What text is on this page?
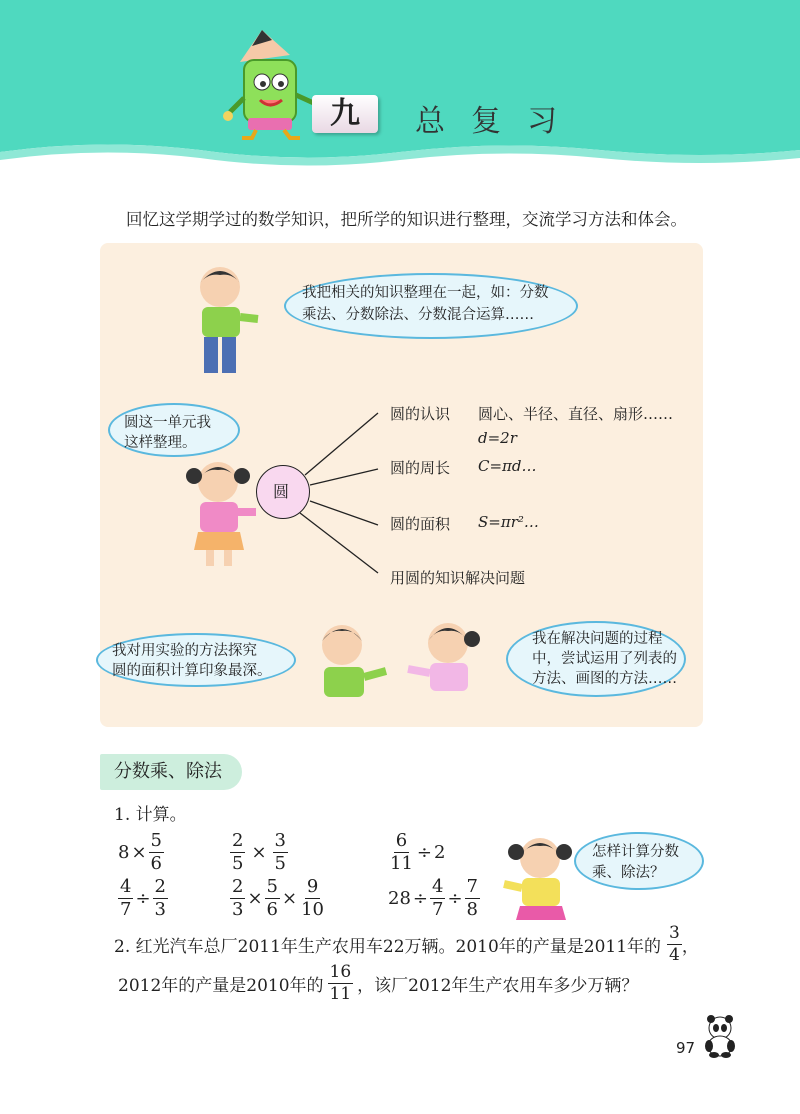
九	总复习
回忆这学期学过的数学知识，把所学的知识进行整理，交流学习方法和体会。
我把相关的知识整理在一起，如：分数
乘法、分数除法、分数混合运算……
圆这一单元我
这样整理。
圆
圆的认识 圆心、半径、直径、扇形……
d=2r
圆的周长 C=πd…
圆的面积 S=πr²…
用圆的知识解决问题
我对用实验的方法探究
圆的面积计算印象最深。
我在解决问题的过程
中，尝试运用了列表的
方法、画图的方法……
分数乘、除法
1. 计算。
$8 \times \frac{5}{6}$	$\frac{2}{5} \times \frac{3}{5}$	$\frac{6}{11} \div 2$
$\frac{4}{7} \div \frac{2}{3}$	$\frac{2}{3} \times \frac{5}{6} \times \frac{9}{10}$	$28 \div \frac{4}{7} \div \frac{7}{8}$
怎样计算分数
乘、除法？
2. 红光汽车总厂2011年生产农用车22万辆。2010年的产量是2011年的 $\frac{3}{4}$ ，
2012年的产量是2010年的 $\frac{16}{11}$ ，该厂2012年生产农用车多少万辆？
97
